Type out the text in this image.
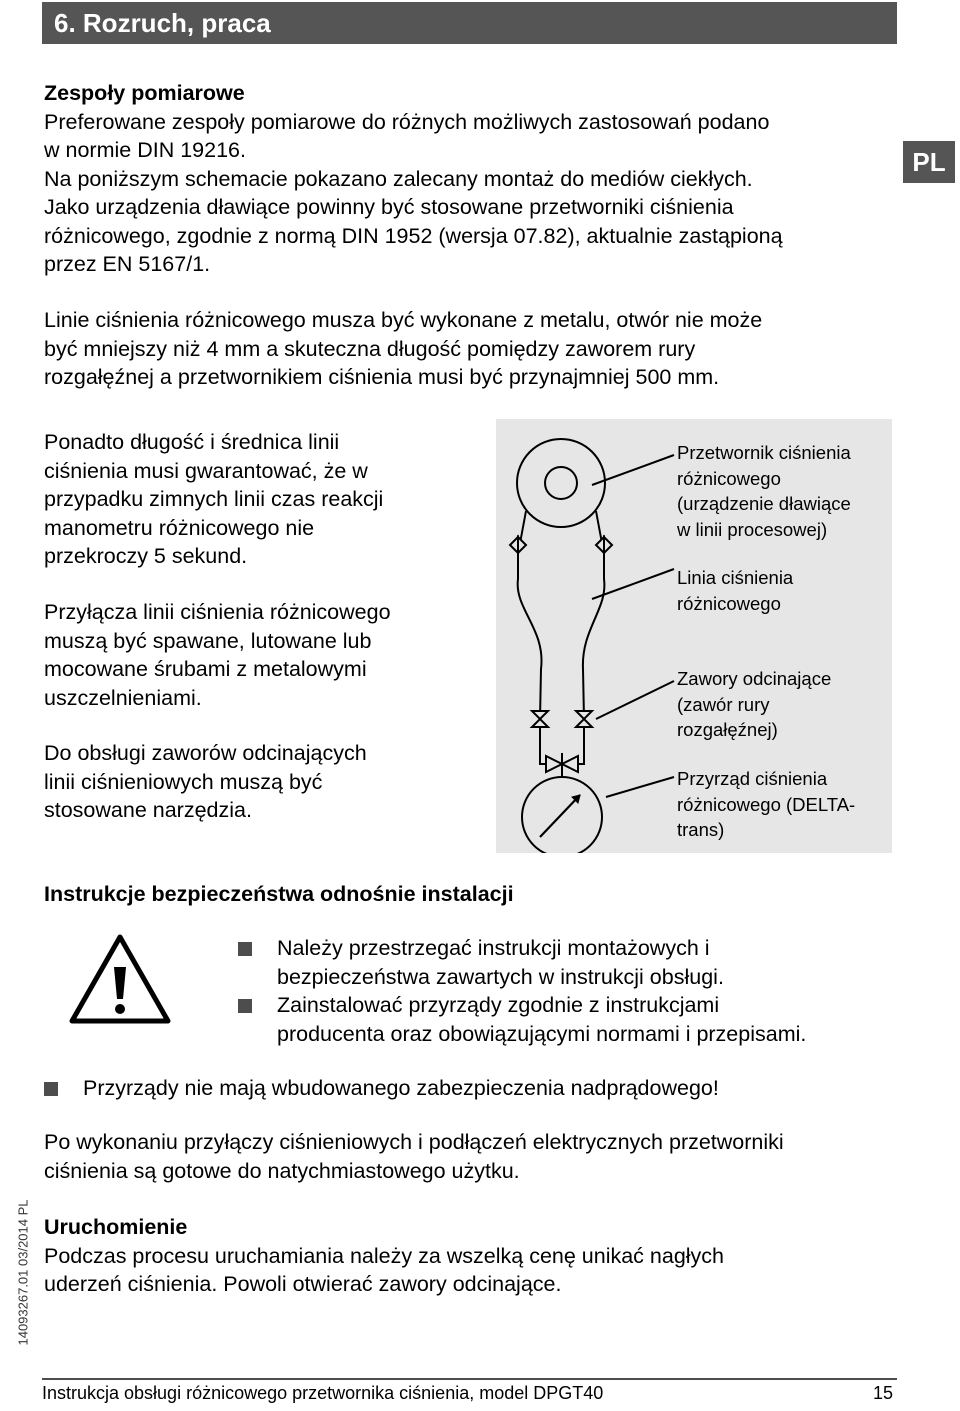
6. Rozruch, praca
PL
Zespoły pomiarowe
Preferowane zespoły pomiarowe do różnych możliwych zastosowań podano
w normie DIN 19216.
Na poniższym schemacie pokazano zalecany montaż do mediów ciekłych.
Jako urządzenia dławiące powinny być stosowane przetworniki ciśnienia
różnicowego, zgodnie z normą DIN 1952 (wersja 07.82), aktualnie zastąpioną
przez EN 5167/1.
Linie ciśnienia różnicowego musza być wykonane z metalu, otwór nie może
być mniejszy niż 4 mm a skuteczna długość pomiędzy zaworem rury
rozgałęźnej a przetwornikiem ciśnienia musi być przynajmniej 500 mm.
Ponadto długość i średnica linii
ciśnienia musi gwarantować, że w
przypadku zimnych linii czas reakcji
manometru różnicowego nie
przekroczy 5 sekund.
Przyłącza linii ciśnienia różnicowego
muszą być spawane, lutowane lub
mocowane śrubami z metalowymi
uszczelnieniami.
Do obsługi zaworów odcinających
linii ciśnieniowych muszą być
stosowane narzędzia.
Przetwornik ciśnienia
różnicowego
(urządzenie dławiące
w linii procesowej)
Linia ciśnienia
różnicowego
Zawory odcinające
(zawór rury
rozgałęźnej)
Przyrząd ciśnienia
różnicowego (DELTA-
trans)
Instrukcje bezpieczeństwa odnośnie instalacji
Należy przestrzegać instrukcji montażowych i
bezpieczeństwa zawartych w instrukcji obsługi.
Zainstalować przyrządy zgodnie z instrukcjami
producenta oraz obowiązującymi normami i przepisami.
Przyrządy nie mają wbudowanego zabezpieczenia nadprądowego!
Po wykonaniu przyłączy ciśnieniowych i podłączeń elektrycznych przetworniki
ciśnienia są gotowe do natychmiastowego użytku.
Uruchomienie
Podczas procesu uruchamiania należy za wszelką cenę unikać nagłych
uderzeń ciśnienia. Powoli otwierać zawory odcinające.
14093267.01 03/2014 PL
Instrukcja obsługi różnicowego przetwornika ciśnienia, model DPGT40	15
